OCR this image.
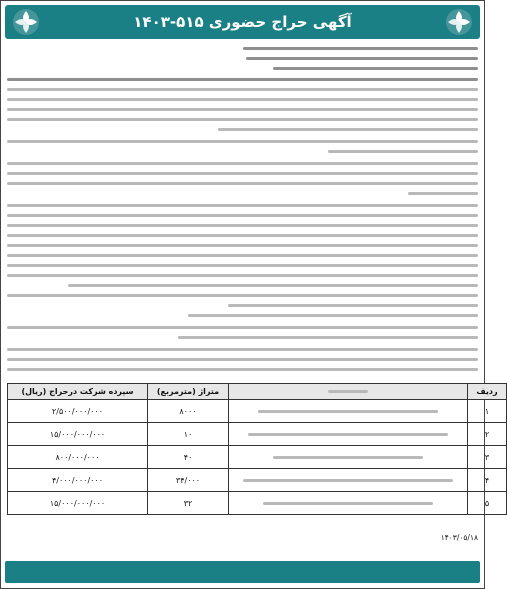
آگهی حراج حضوری ۵۱۵-۱۴۰۳
ردیف		متراژ (مترمربع)	سپرده شرکت درحراج (ریال)
۱		۸۰۰۰	۲/۵۰۰/۰۰۰/۰۰۰
۲		۱۰	۱۵/۰۰۰/۰۰۰/۰۰۰
۳		۴۰	۸۰۰/۰۰۰/۰۰۰
۴		۳۴/۰۰۰	۴/۰۰۰/۰۰۰/۰۰۰
۵		۳۲	۱۵/۰۰۰/۰۰۰/۰۰۰
۱۴۰۳/۰۵/۱۸
